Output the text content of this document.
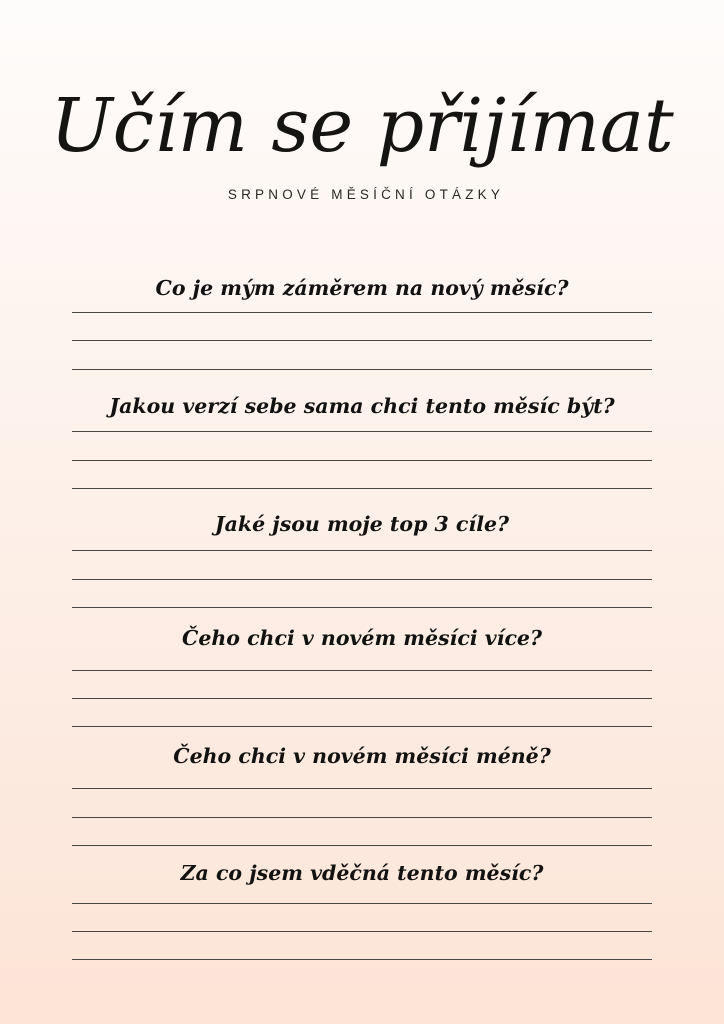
Učím se přijímat

SRPNOVÉ MĚSÍČNÍ OTÁZKY

Co je mým záměrem na nový měsíc?

Jakou verzí sebe sama chci tento měsíc být?

Jaké jsou moje top 3 cíle?

Čeho chci v novém měsíci více?

Čeho chci v novém měsíci méně?

Za co jsem vděčná tento měsíc?
